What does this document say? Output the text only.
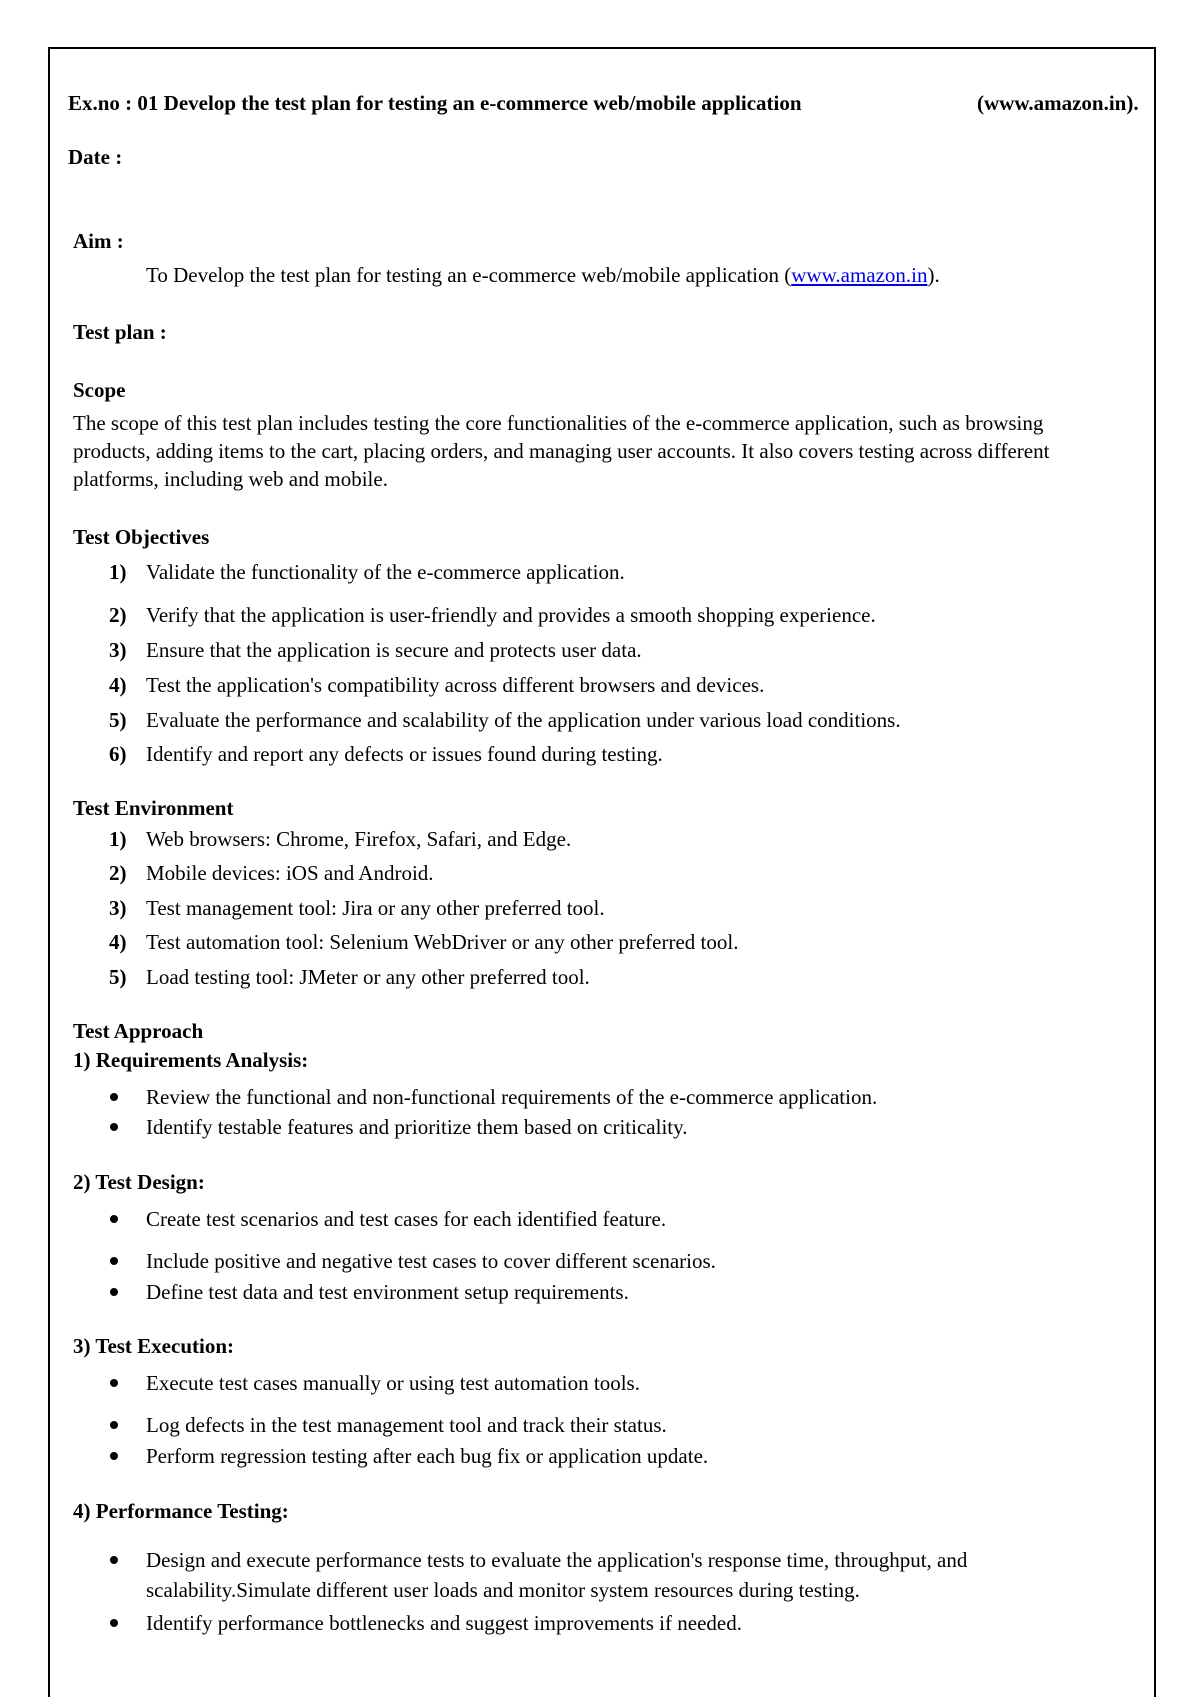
Ex.no : 01 Develop the test plan for testing an e-commerce web/mobile application	(www.amazon.in).
Date :
Aim :
To Develop the test plan for testing an e-commerce web/mobile application (www.amazon.in).
Test plan :
Scope
The scope of this test plan includes testing the core functionalities of the e-commerce application, such as browsing products, adding items to the cart, placing orders, and managing user accounts. It also covers testing across different platforms, including web and mobile.
Test Objectives
1) Validate the functionality of the e-commerce application.
2) Verify that the application is user-friendly and provides a smooth shopping experience.
3) Ensure that the application is secure and protects user data.
4) Test the application's compatibility across different browsers and devices.
5) Evaluate the performance and scalability of the application under various load conditions.
6) Identify and report any defects or issues found during testing.
Test Environment
1) Web browsers: Chrome, Firefox, Safari, and Edge.
2) Mobile devices: iOS and Android.
3) Test management tool: Jira or any other preferred tool.
4) Test automation tool: Selenium WebDriver or any other preferred tool.
5) Load testing tool: JMeter or any other preferred tool.
Test Approach
1) Requirements Analysis:
Review the functional and non-functional requirements of the e-commerce application.
Identify testable features and prioritize them based on criticality.
2) Test Design:
Create test scenarios and test cases for each identified feature.
Include positive and negative test cases to cover different scenarios.
Define test data and test environment setup requirements.
3) Test Execution:
Execute test cases manually or using test automation tools.
Log defects in the test management tool and track their status.
Perform regression testing after each bug fix or application update.
4) Performance Testing:
Design and execute performance tests to evaluate the application's response time, throughput, and scalability.Simulate different user loads and monitor system resources during testing.
Identify performance bottlenecks and suggest improvements if needed.
